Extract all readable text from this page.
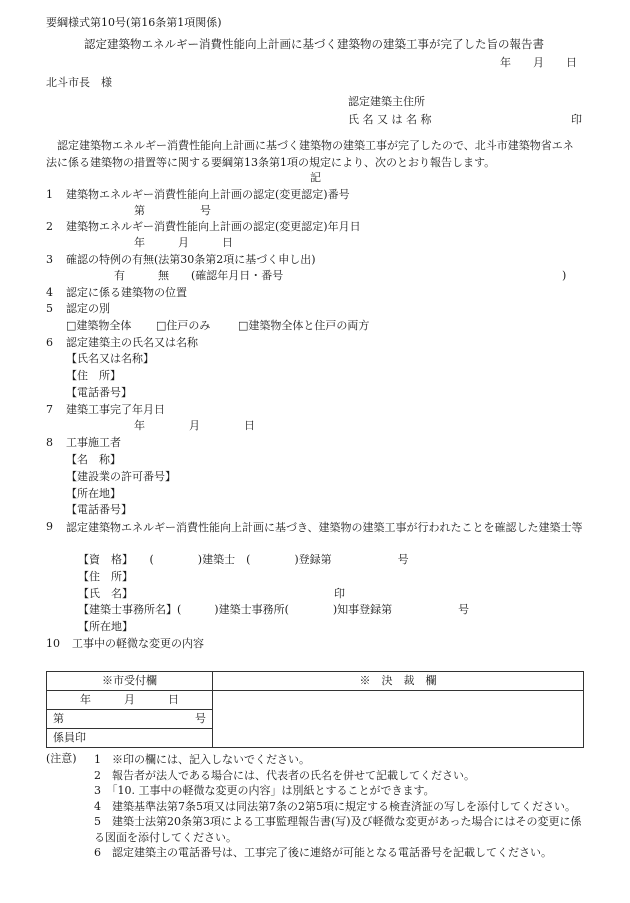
要綱様式第10号(第16条第1項関係)
認定建築物エネルギー消費性能向上計画に基づく建築物の建築工事が完了した旨の報告書
年　　月　　日
北斗市長　様
認定建築主住所
氏 名 又 は 名 称	印
　認定建築物エネルギー消費性能向上計画に基づく建築物の建築工事が完了したので、北斗市建築物省エネ法に係る建築物の措置等に関する要綱第13条第1項の規定により、次のとおり報告します。
記
1 建築物エネルギー消費性能向上計画の認定(変更認定)番号
第　　　　　号
2 建築物エネルギー消費性能向上計画の認定(変更認定)年月日
年　　　月　　　日
3 確認の特例の有無(法第30条第2項に基づく申し出)
有　　　無　　(確認年月日・番号	)
4 認定に係る建築物の位置
5 認定の別
□建築物全体 □住戸のみ	□建築物全体と住戸の両方
6 認定建築主の氏名又は名称
【氏名又は名称】
【住　所】
【電話番号】
7 建築工事完了年月日
年　　　　月　　　　日
8 工事施工者
【名　称】
【建設業の許可番号】
【所在地】
【電話番号】
9 認定建築物エネルギー消費性能向上計画に基づき、建築物の建築工事が行われたことを確認した建築士等
【資　格】　　(　　　　)建築士　(　　　　)登録第　　　　　　号
【住　所】
【氏　名】	印
【建築士事務所名】(　　　)建築士事務所(　　　　)知事登録第　　　　　　号
【所在地】
10 工事中の軽微な変更の内容
※市受付欄	※　決　裁　欄
年　　　月　　　日	

第 号	

係員印	
(注意) 1　※印の欄には、記入しないでください。
2　報告者が法人である場合には、代表者の氏名を併せて記載してください。
3　「10. 工事中の軽微な変更の内容」は別紙とすることができます。
4　建築基準法第7条5項又は同法第7条の2第5項に規定する検査済証の写しを添付してください。
5　建築士法第20条第3項による工事監理報告書(写)及び軽微な変更があった場合にはその変更に係る図面を添付してください。
6　認定建築主の電話番号は、工事完了後に連絡が可能となる電話番号を記載してください。
